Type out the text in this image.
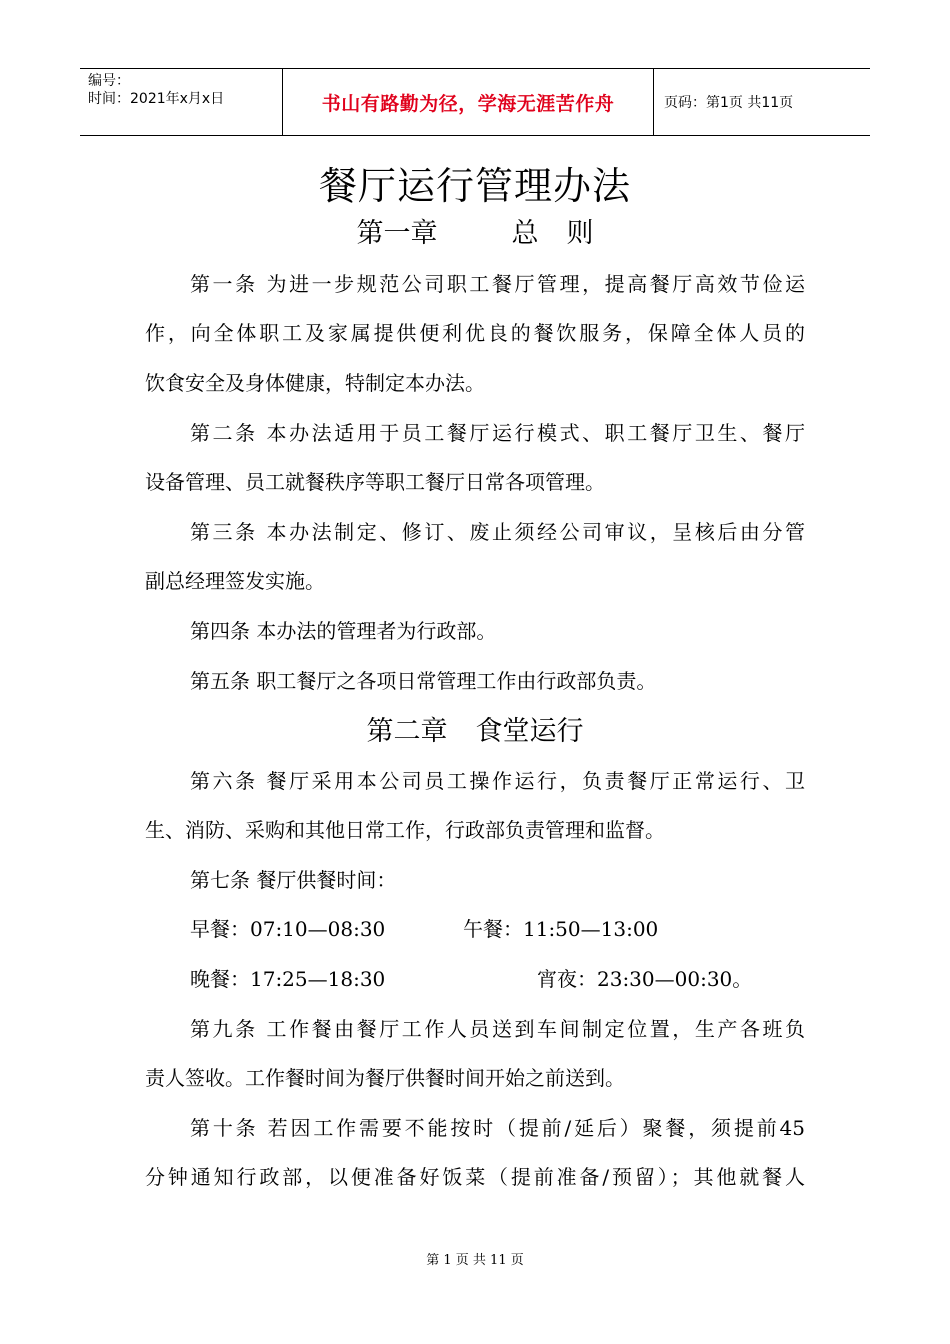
编号：
时间：2021年x月x日	书山有路勤为径，学海无涯苦作舟	页码：第1页 共11页
餐厅运行管理办法
第一章	总 则
第一条 为进一步规范公司职工餐厅管理，提高餐厅高效节俭运
作，向全体职工及家属提供便利优良的餐饮服务，保障全体人员的
饮食安全及身体健康，特制定本办法。
第二条 本办法适用于员工餐厅运行模式、职工餐厅卫生、餐厅
设备管理、员工就餐秩序等职工餐厅日常各项管理。
第三条 本办法制定、修订、废止须经公司审议，呈核后由分管
副总经理签发实施。
第四条 本办法的管理者为行政部。
第五条 职工餐厅之各项日常管理工作由行政部负责。
第二章 食堂运行
第六条 餐厅采用本公司员工操作运行，负责餐厅正常运行、卫
生、消防、采购和其他日常工作，行政部负责管理和监督。
第七条 餐厅供餐时间：
早餐：07:10—08:30	午餐：11:50—13:00
晚餐：17:25—18:30	宵夜：23:30—00:30。
第九条 工作餐由餐厅工作人员送到车间制定位置，生产各班负
责人签收。工作餐时间为餐厅供餐时间开始之前送到。
第十条 若因工作需要不能按时（提前/延后）聚餐，须提前45
分钟通知行政部，以便准备好饭菜（提前准备/预留）；其他就餐人
第 1 页 共 11 页
